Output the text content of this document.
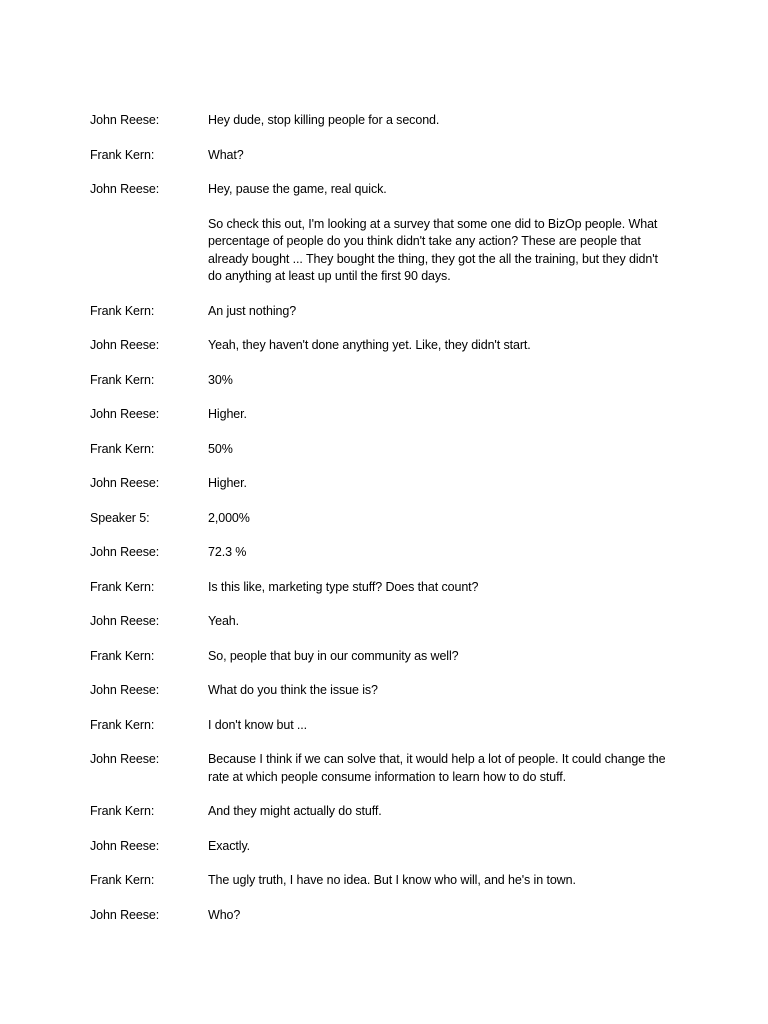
John Reese:	Hey dude, stop killing people for a second.
Frank Kern:	What?
John Reese:	Hey, pause the game, real quick.
So check this out, I'm looking at a survey that some one did to BizOp people. What percentage of people do you think didn't take any action? These are people that already bought ... They bought the thing, they got the all the training, but they didn't do anything at least up until the first 90 days.
Frank Kern:	An just nothing?
John Reese:	Yeah, they haven't done anything yet. Like, they didn't start.
Frank Kern:	30%
John Reese:	Higher.
Frank Kern:	50%
John Reese:	Higher.
Speaker 5:	2,000%
John Reese:	72.3 %
Frank Kern:	Is this like, marketing type stuff? Does that count?
John Reese:	Yeah.
Frank Kern:	So, people that buy in our community as well?
John Reese:	What do you think the issue is?
Frank Kern:	I don't know but ...
John Reese:	Because I think if we can solve that, it would help a lot of people. It could change the rate at which people consume information to learn how to do stuff.
Frank Kern:	And they might actually do stuff.
John Reese:	Exactly.
Frank Kern:	The ugly truth, I have no idea. But I know who will, and he's in town.
John Reese:	Who?
